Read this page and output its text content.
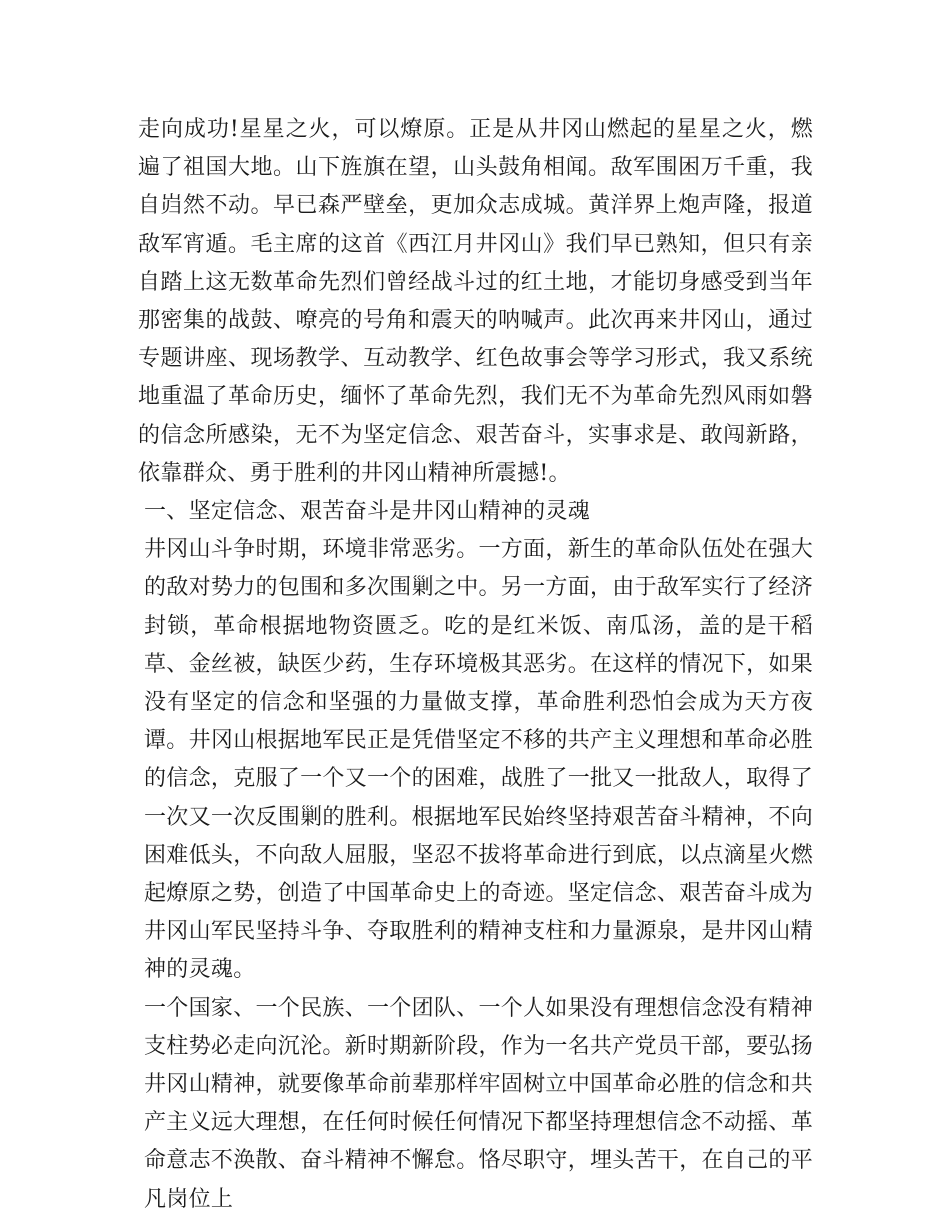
走向成功!星星之火，可以燎原。正是从井冈山燃起的星星之火，燃遍了祖国大地。山下旌旗在望，山头鼓角相闻。敌军围困万千重，我自岿然不动。早已森严壁垒，更加众志成城。黄洋界上炮声隆，报道敌军宵遁。毛主席的这首《西江月井冈山》我们早已熟知，但只有亲自踏上这无数革命先烈们曾经战斗过的红土地，才能切身感受到当年那密集的战鼓、嘹亮的号角和震天的呐喊声。此次再来井冈山，通过专题讲座、现场教学、互动教学、红色故事会等学习形式，我又系统地重温了革命历史，缅怀了革命先烈，我们无不为革命先烈风雨如磐的信念所感染，无不为坚定信念、艰苦奋斗，实事求是、敢闯新路，依靠群众、勇于胜利的井冈山精神所震撼!。

一、坚定信念、艰苦奋斗是井冈山精神的灵魂

井冈山斗争时期，环境非常恶劣。一方面，新生的革命队伍处在强大的敌对势力的包围和多次围剿之中。另一方面，由于敌军实行了经济封锁，革命根据地物资匮乏。吃的是红米饭、南瓜汤，盖的是干稻草、金丝被，缺医少药，生存环境极其恶劣。在这样的情况下，如果没有坚定的信念和坚强的力量做支撑，革命胜利恐怕会成为天方夜谭。井冈山根据地军民正是凭借坚定不移的共产主义理想和革命必胜的信念，克服了一个又一个的困难，战胜了一批又一批敌人，取得了一次又一次反围剿的胜利。根据地军民始终坚持艰苦奋斗精神，不向困难低头，不向敌人屈服，坚忍不拔将革命进行到底，以点滴星火燃起燎原之势，创造了中国革命史上的奇迹。坚定信念、艰苦奋斗成为井冈山军民坚持斗争、夺取胜利的精神支柱和力量源泉，是井冈山精神的灵魂。

一个国家、一个民族、一个团队、一个人如果没有理想信念没有精神支柱势必走向沉沦。新时期新阶段，作为一名共产党员干部，要弘扬井冈山精神，就要像革命前辈那样牢固树立中国革命必胜的信念和共产主义远大理想，在任何时候任何情况下都坚持理想信念不动摇、革命意志不涣散、奋斗精神不懈怠。恪尽职守，埋头苦干，在自己的平凡岗位上
